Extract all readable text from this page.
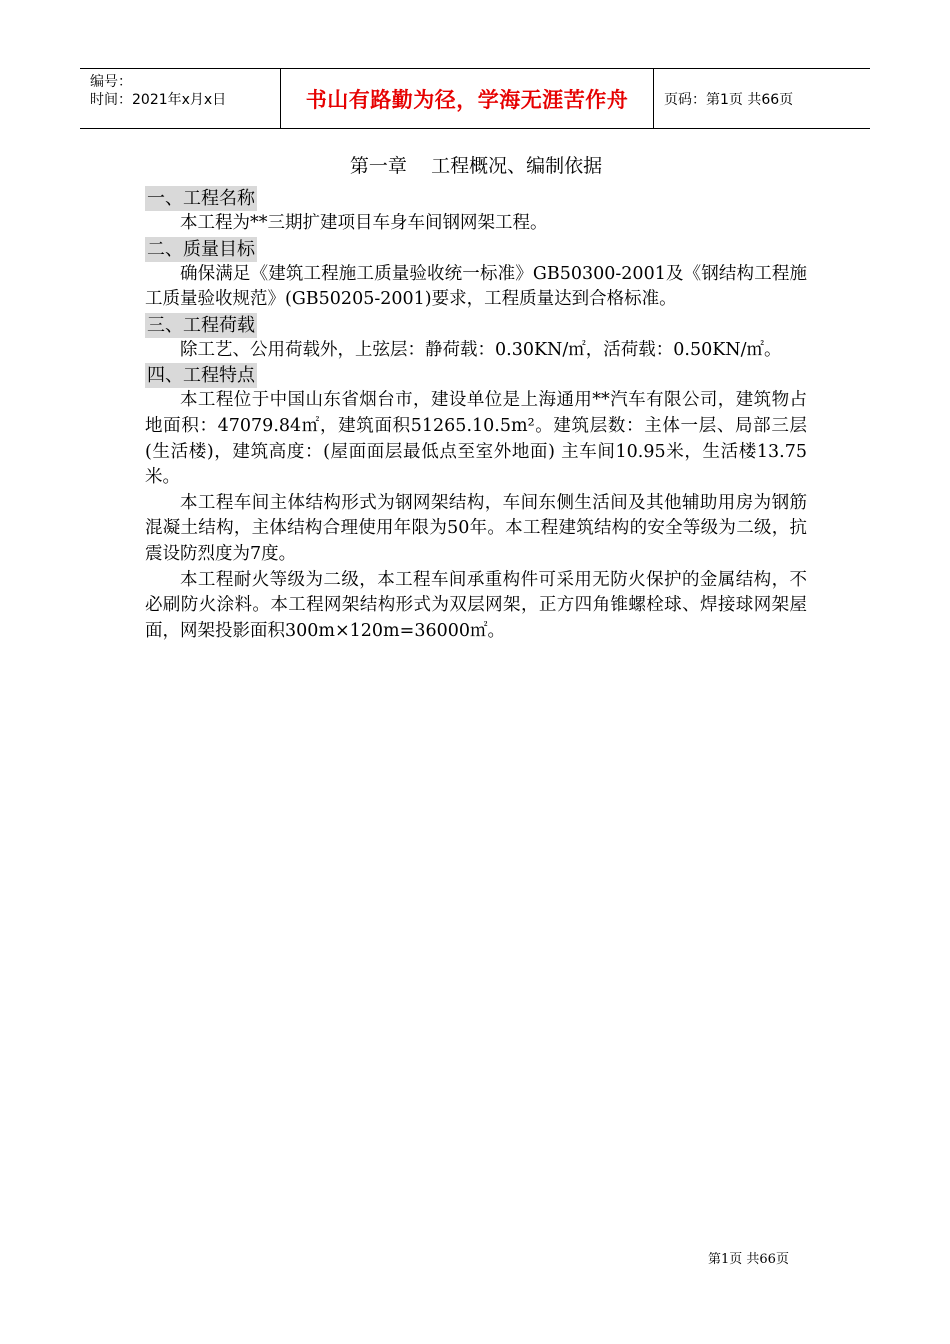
编号：
时间：2021年x月x日	书山有路勤为径，学海无涯苦作舟	页码：第1页 共66页
第一章    工程概况、编制依据
一、工程名称

本工程为**三期扩建项目车身车间钢网架工程。

二、质量目标

确保满足《建筑工程施工质量验收统一标准》GB50300-2001及《钢结构工程施工质量验收规范》(GB50205-2001)要求，工程质量达到合格标准。

三、工程荷载

除工艺、公用荷载外，上弦层：静荷载：0.30KN/㎡，活荷载：0.50KN/㎡。

四、工程特点

本工程位于中国山东省烟台市，建设单位是上海通用**汽车有限公司，建筑物占地面积：47079.84㎡，建筑面积51265.10.5m²。建筑层数：主体一层、局部三层(生活楼)，建筑高度：(屋面面层最低点至室外地面) 主车间10.95米，生活楼13.75米。

本工程车间主体结构形式为钢网架结构，车间东侧生活间及其他辅助用房为钢筋混凝土结构，主体结构合理使用年限为50年。本工程建筑结构的安全等级为二级，抗震设防烈度为7度。

本工程耐火等级为二级，本工程车间承重构件可采用无防火保护的金属结构，不必刷防火涂料。本工程网架结构形式为双层网架，正方四角锥螺栓球、焊接球网架屋面，网架投影面积300m×120m=36000㎡。

第1页 共66页
